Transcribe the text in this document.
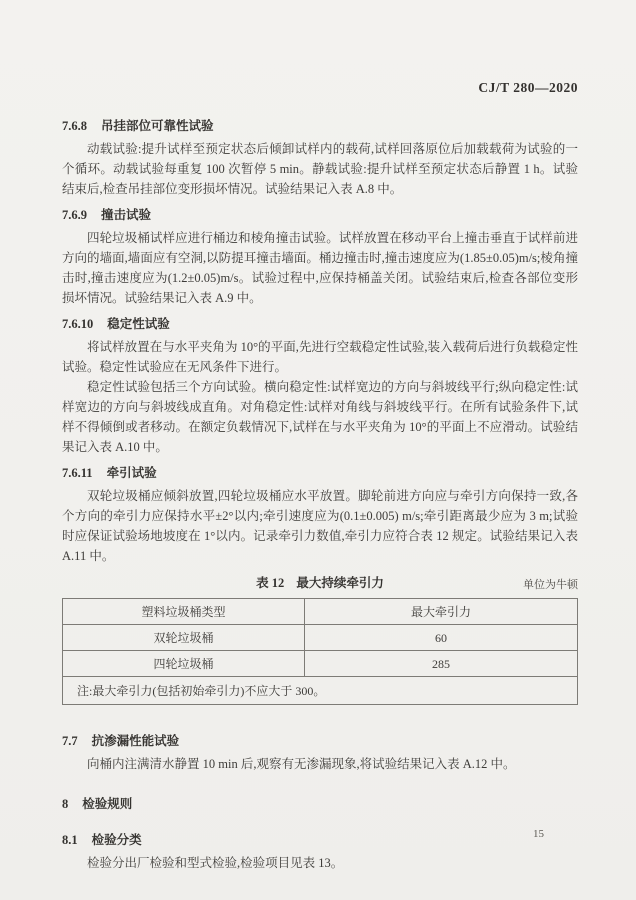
CJ/T 280—2020
7.6.8 吊挂部位可靠性试验

动载试验:提升试样至预定状态后倾卸试样内的载荷,试样回落原位后加载载荷为试验的一个循环。动载试验每重复 100 次暂停 5 min。静载试验:提升试样至预定状态后静置 1 h。试验结束后,检查吊挂部位变形损坏情况。试验结果记入表 A.8 中。

7.6.9 撞击试验

四轮垃圾桶试样应进行桶边和棱角撞击试验。试样放置在移动平台上撞击垂直于试样前进方向的墙面,墙面应有空洞,以防提耳撞击墙面。桶边撞击时,撞击速度应为(1.85±0.05)m/s;棱角撞击时,撞击速度应为(1.2±0.05)m/s。试验过程中,应保持桶盖关闭。试验结束后,检查各部位变形损坏情况。试验结果记入表 A.9 中。

7.6.10 稳定性试验

将试样放置在与水平夹角为 10°的平面,先进行空载稳定性试验,装入载荷后进行负载稳定性试验。稳定性试验应在无风条件下进行。

稳定性试验包括三个方向试验。横向稳定性:试样宽边的方向与斜坡线平行;纵向稳定性:试样宽边的方向与斜坡线成直角。对角稳定性:试样对角线与斜坡线平行。在所有试验条件下,试样不得倾倒或者移动。在额定负载情况下,试样在与水平夹角为 10°的平面上不应滑动。试验结果记入表 A.10 中。

7.6.11 牵引试验

双轮垃圾桶应倾斜放置,四轮垃圾桶应水平放置。脚轮前进方向应与牵引方向保持一致,各个方向的牵引力应保持水平±2°以内;牵引速度应为(0.1±0.005) m/s;牵引距离最少应为 3 m;试验时应保证试验场地坡度在 1°以内。记录牵引力数值,牵引力应符合表 12 规定。试验结果记入表 A.11 中。

表 12 最大持续牵引力	单位为牛顿
塑料垃圾桶类型	最大牵引力
双轮垃圾桶	60
四轮垃圾桶	285
注:最大牵引力(包括初始牵引力)不应大于 300。	
7.7 抗渗漏性能试验

向桶内注满清水静置 10 min 后,观察有无渗漏现象,将试验结果记入表 A.12 中。

8 检验规则
8.1 检验分类

检验分出厂检验和型式检验,检验项目见表 13。

15
